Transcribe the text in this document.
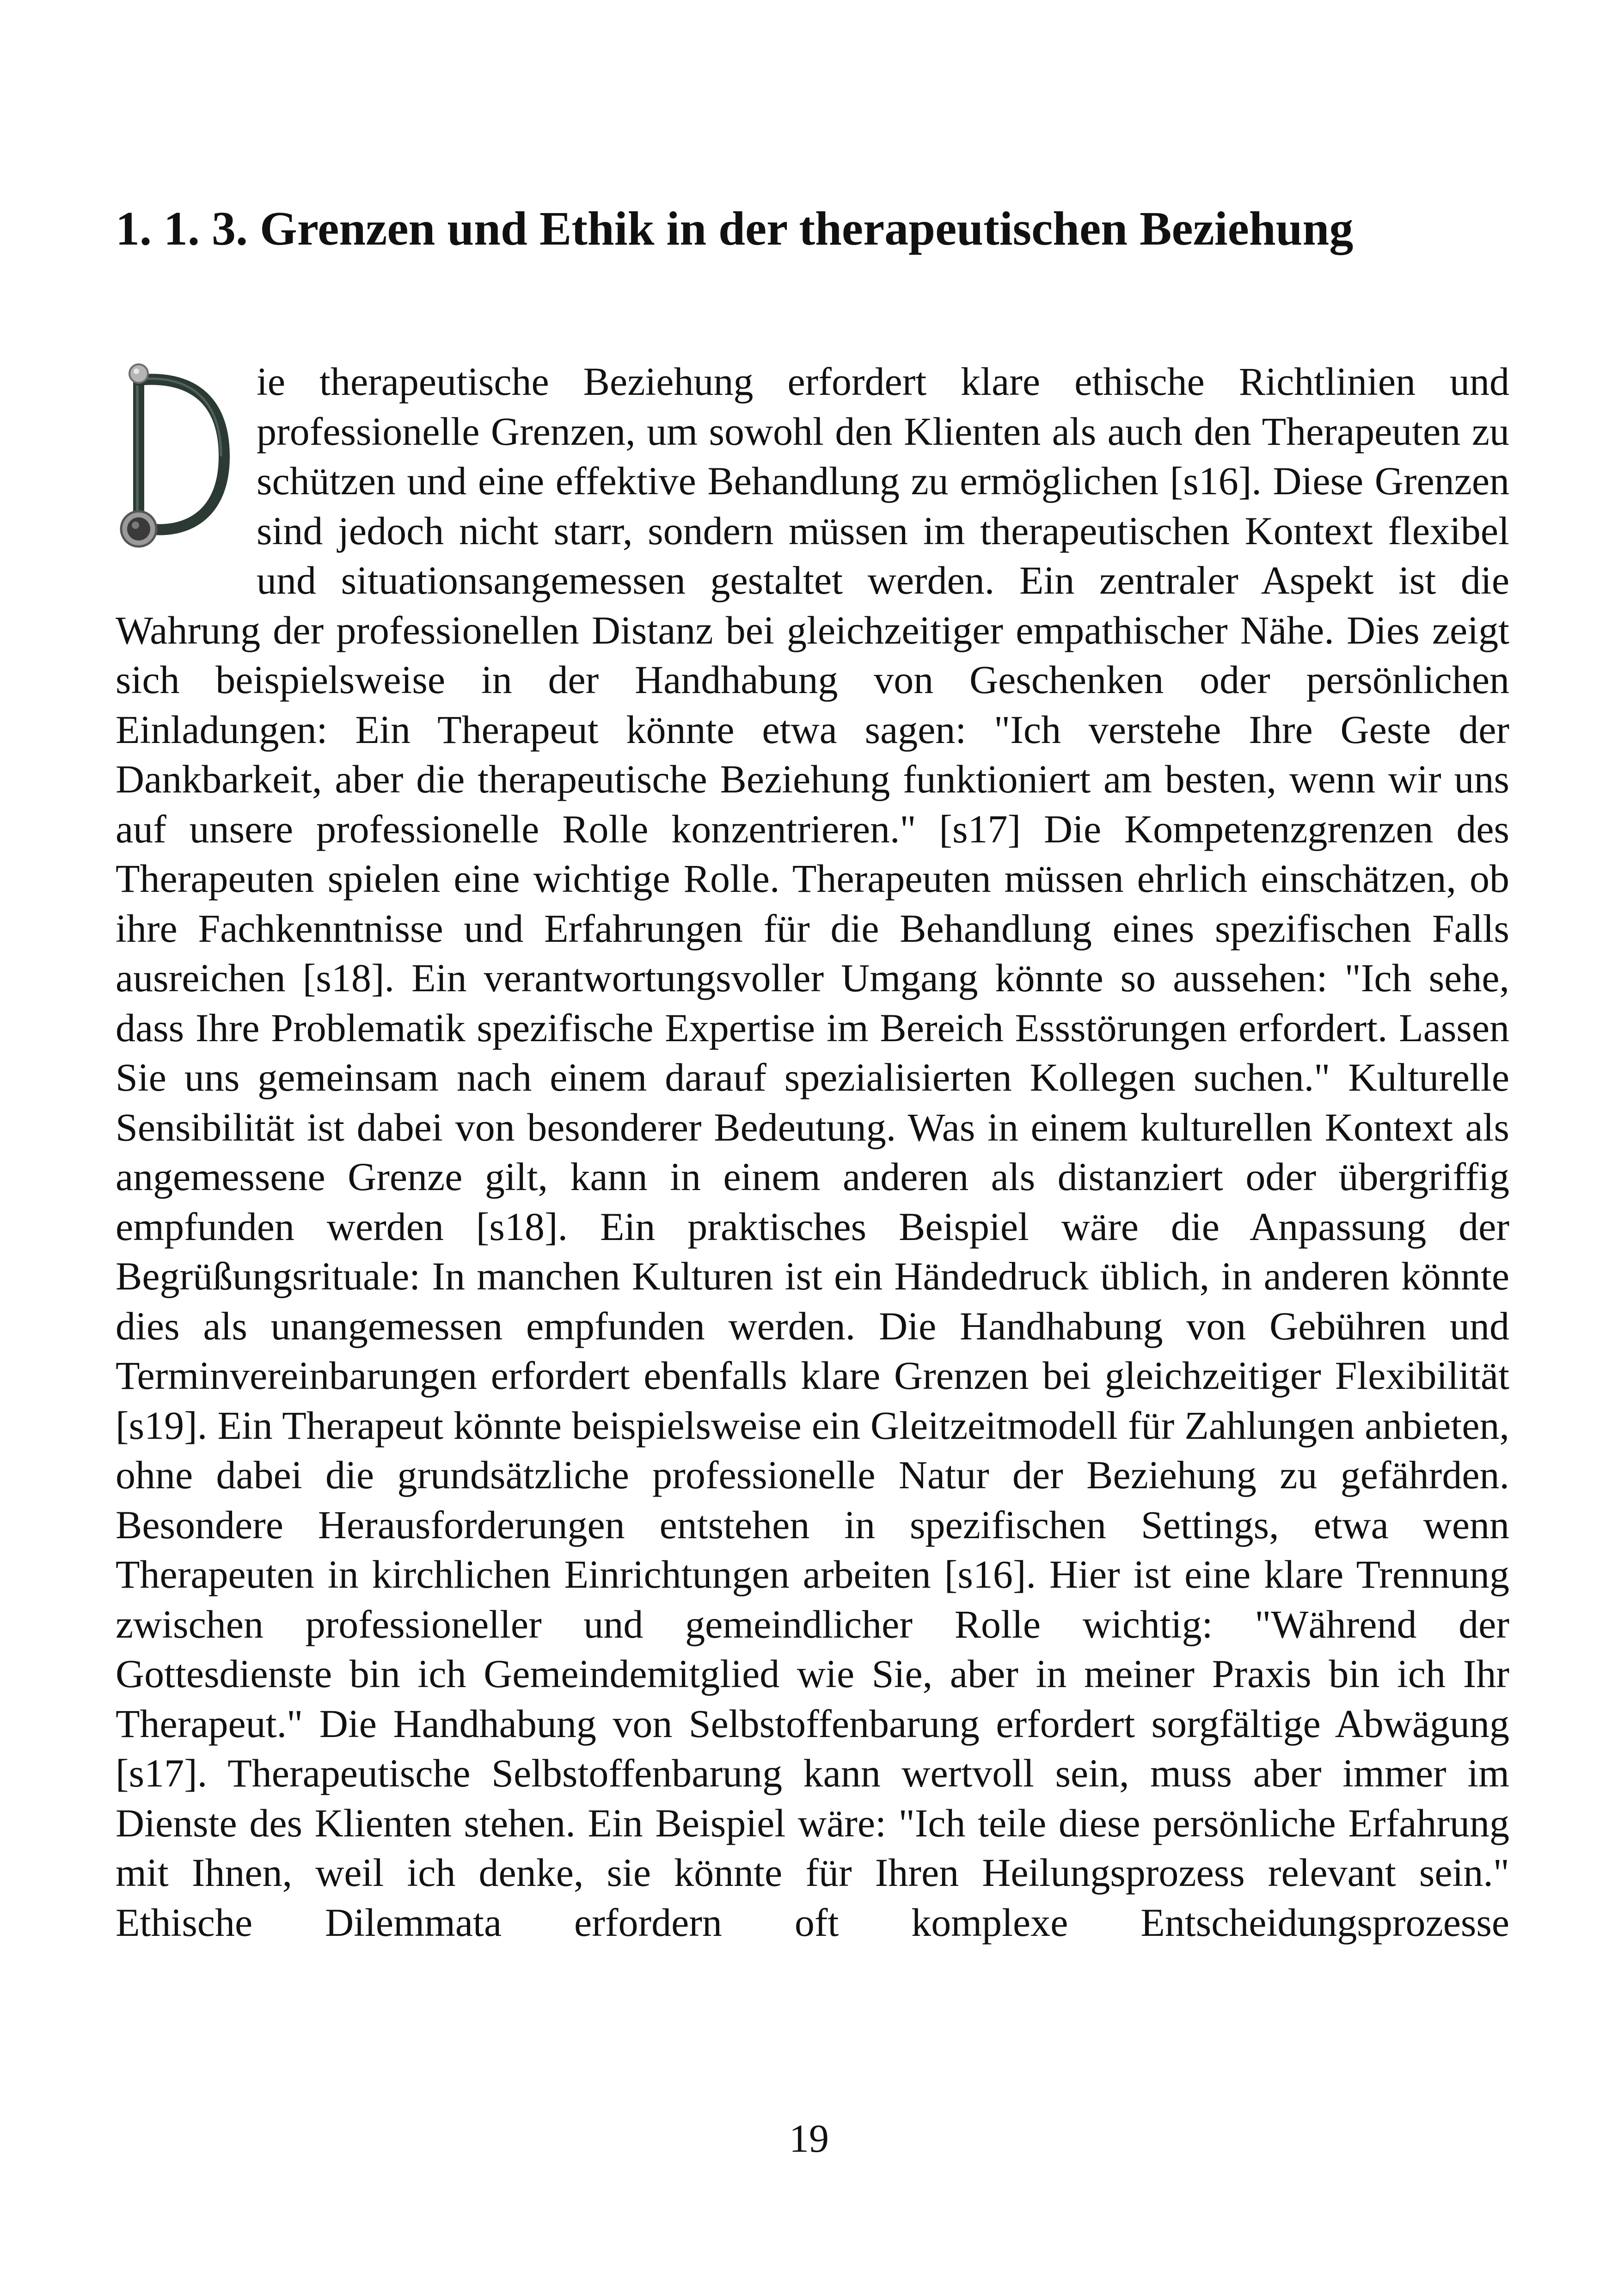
1. 1. 3. Grenzen und Ethik in der therapeutischen Beziehung
ie therapeutische Beziehung erfordert klare ethische Richtlinien und professionelle Grenzen, um sowohl den Klienten als auch den Therapeuten zu schützen und eine effektive Behandlung zu ermöglichen [s16]. Diese Grenzen sind jedoch nicht starr, sondern müssen im therapeutischen Kontext flexibel und situationsangemessen gestaltet werden. Ein zentraler Aspekt ist die Wahrung der professionellen Distanz bei gleichzeitiger empathischer Nähe. Dies zeigt sich beispielsweise in der Handhabung von Geschenken oder persönlichen Einladungen: Ein Therapeut könnte etwa sagen: "Ich verstehe Ihre Geste der Dankbarkeit, aber die therapeutische Beziehung funktioniert am besten, wenn wir uns auf unsere professionelle Rolle konzentrieren." [s17] Die Kompetenzgrenzen des Therapeuten spielen eine wichtige Rolle. Therapeuten müssen ehrlich einschätzen, ob ihre Fachkenntnisse und Erfahrungen für die Behandlung eines spezifischen Falls ausreichen [s18]. Ein verantwortungsvoller Umgang könnte so aussehen: "Ich sehe, dass Ihre Problematik spezifische Expertise im Bereich Essstörungen erfordert. Lassen Sie uns gemeinsam nach einem darauf spezialisierten Kollegen suchen." Kulturelle Sensibilität ist dabei von besonderer Bedeutung. Was in einem kulturellen Kontext als angemessene Grenze gilt, kann in einem anderen als distanziert oder übergriffig empfunden werden [s18]. Ein praktisches Beispiel wäre die Anpassung der Begrüßungsrituale: In manchen Kulturen ist ein Händedruck üblich, in anderen könnte dies als unangemessen empfunden werden. Die Handhabung von Gebühren und Terminvereinbarungen erfordert ebenfalls klare Grenzen bei gleichzeitiger Flexibilität [s19]. Ein Therapeut könnte beispielsweise ein Gleitzeitmodell für Zahlungen anbieten, ohne dabei die grundsätzliche professionelle Natur der Beziehung zu gefährden. Besondere Herausforderungen entstehen in spezifischen Settings, etwa wenn Therapeuten in kirchlichen Einrichtungen arbeiten [s16]. Hier ist eine klare Trennung zwischen professioneller und gemeindlicher Rolle wichtig: "Während der Gottesdienste bin ich Gemeindemitglied wie Sie, aber in meiner Praxis bin ich Ihr Therapeut." Die Handhabung von Selbstoffenbarung erfordert sorgfältige Abwägung [s17]. Therapeutische Selbstoffenbarung kann wertvoll sein, muss aber immer im Dienste des Klienten stehen. Ein Beispiel wäre: "Ich teile diese persönliche Erfahrung mit Ihnen, weil ich denke, sie könnte für Ihren Heilungsprozess relevant sein." Ethische Dilemmata erfordern oft komplexe Entscheidungsprozesse
19
